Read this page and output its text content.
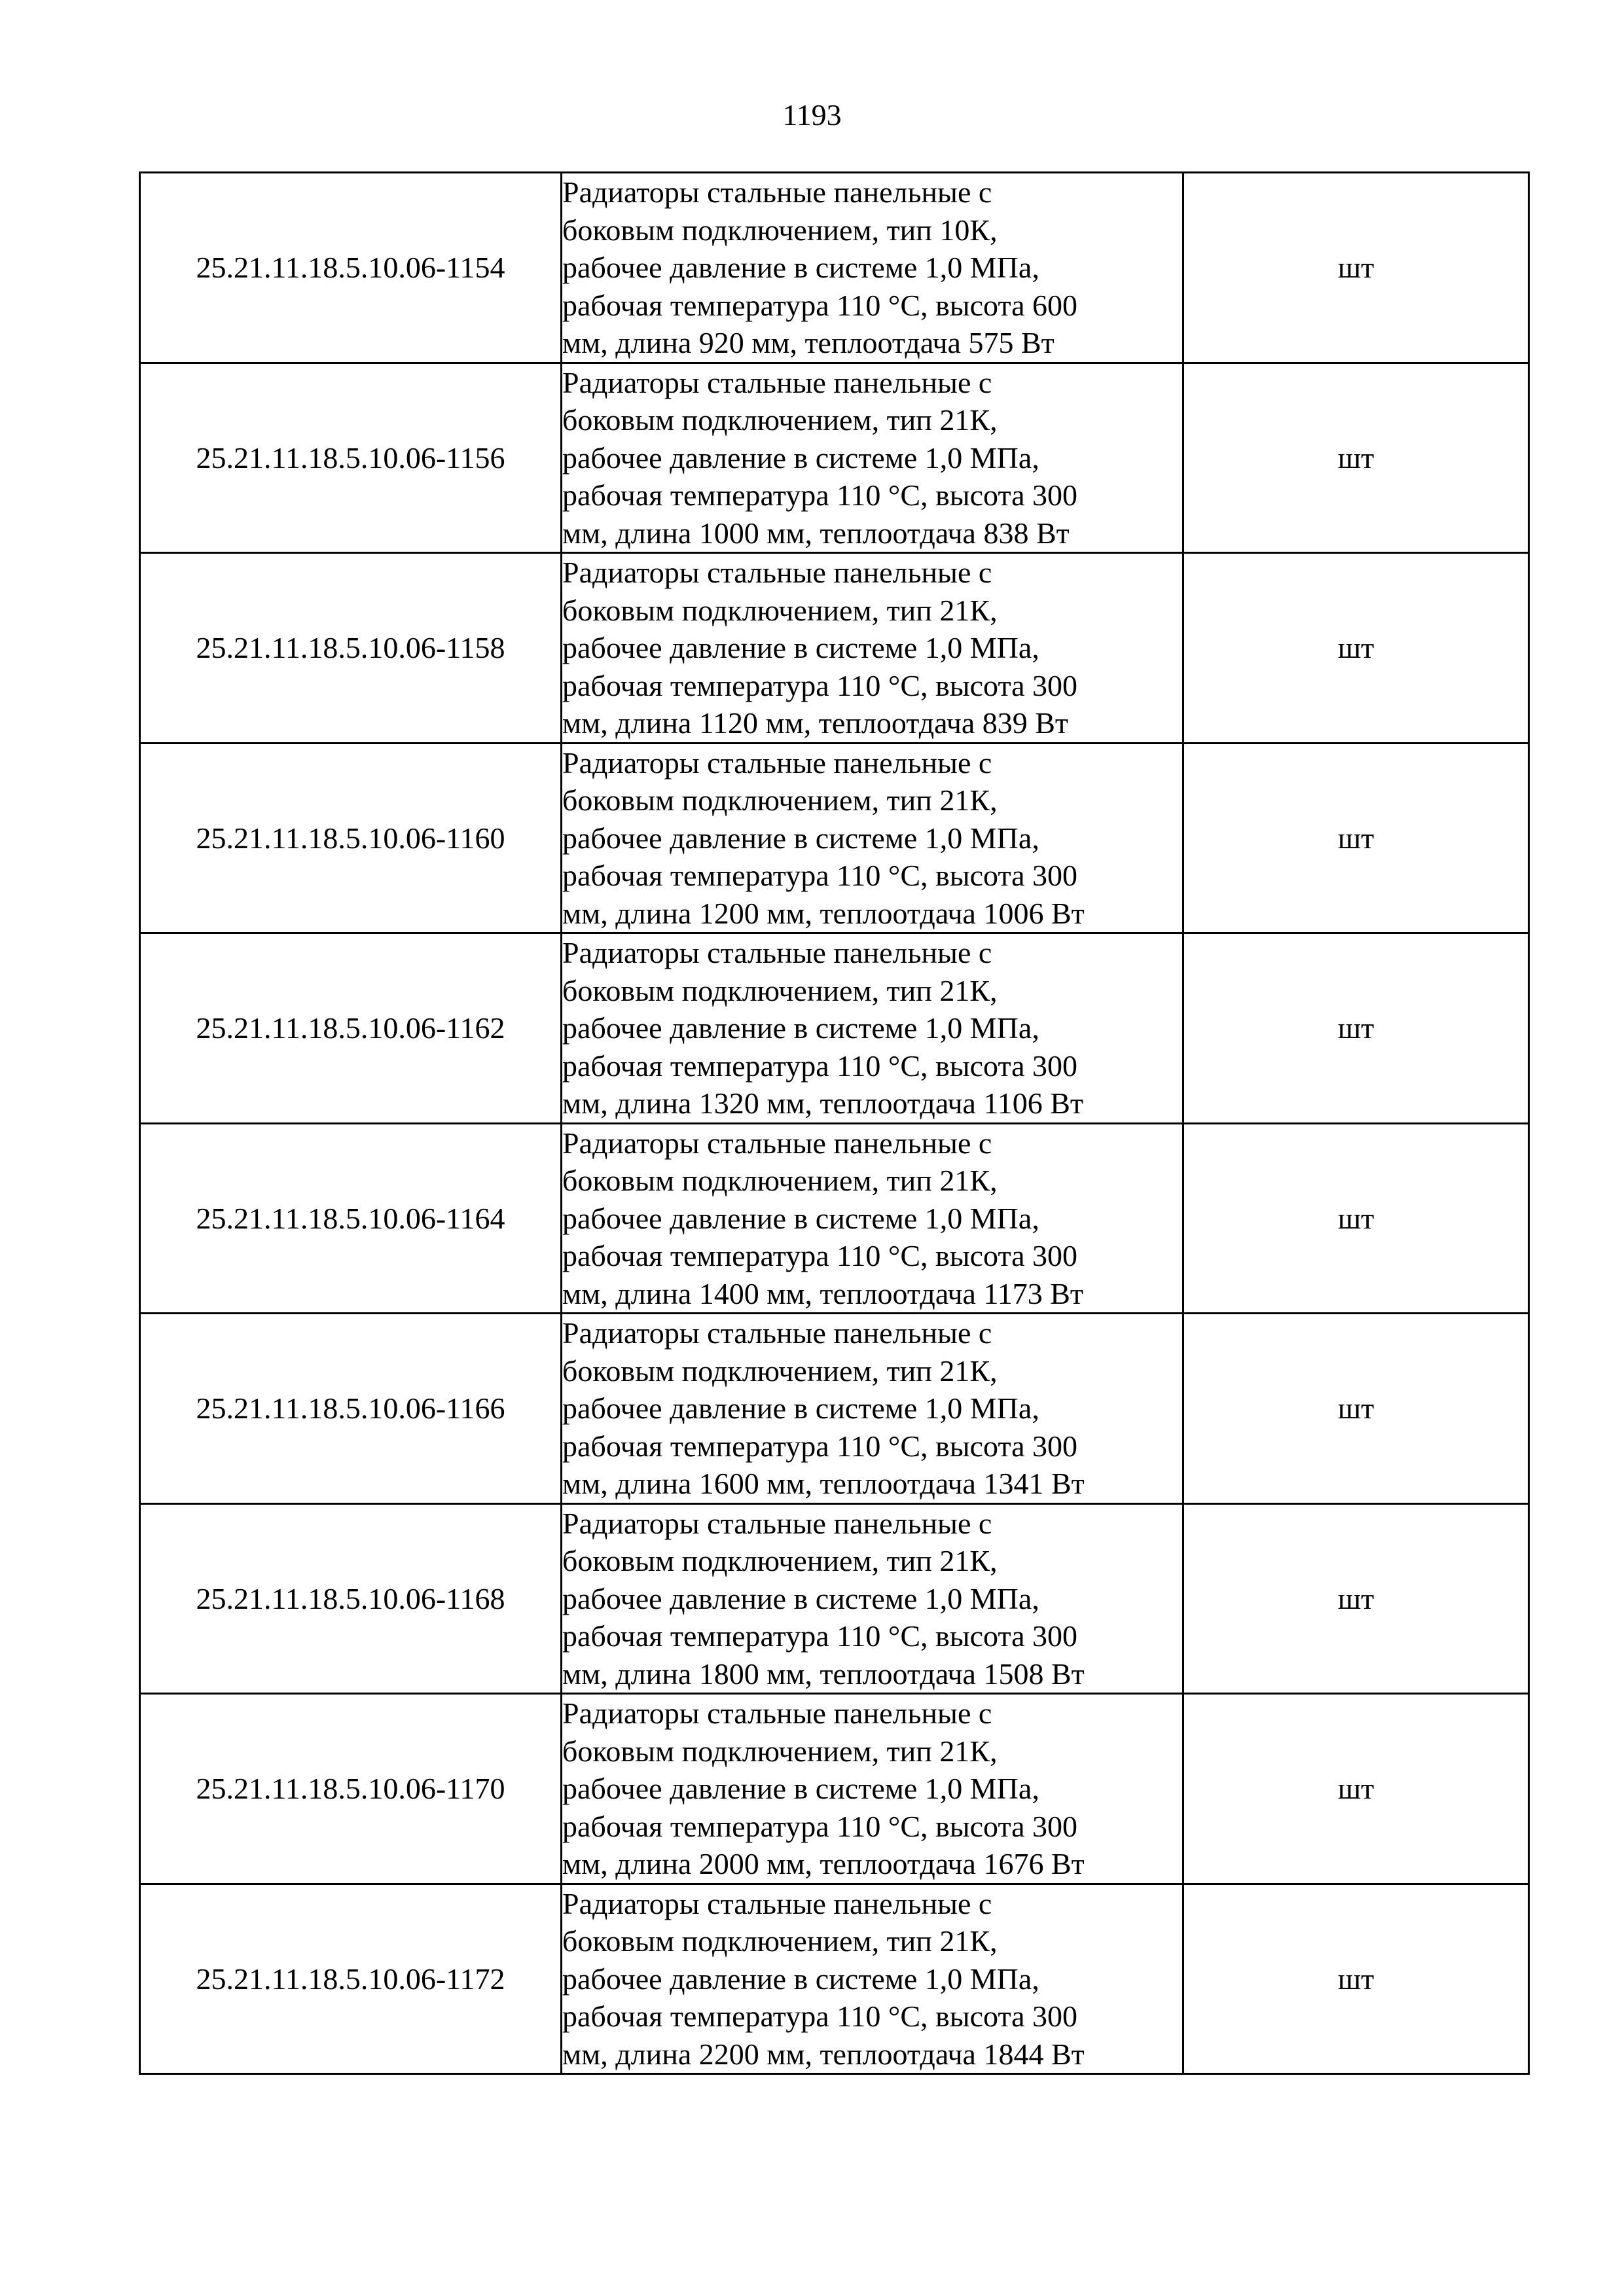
1193
25.21.11.18.5.10.06-1154	Радиаторы стальные панельные с
боковым подключением, тип 10К,
рабочее давление в системе 1,0 МПа,
рабочая температура 110 °С, высота 600
мм, длина 920 мм, теплоотдача 575 Вт	шт
25.21.11.18.5.10.06-1156	Радиаторы стальные панельные с
боковым подключением, тип 21К,
рабочее давление в системе 1,0 МПа,
рабочая температура 110 °С, высота 300
мм, длина 1000 мм, теплоотдача 838 Вт	шт
25.21.11.18.5.10.06-1158	Радиаторы стальные панельные с
боковым подключением, тип 21К,
рабочее давление в системе 1,0 МПа,
рабочая температура 110 °С, высота 300
мм, длина 1120 мм, теплоотдача 839 Вт	шт
25.21.11.18.5.10.06-1160	Радиаторы стальные панельные с
боковым подключением, тип 21К,
рабочее давление в системе 1,0 МПа,
рабочая температура 110 °С, высота 300
мм, длина 1200 мм, теплоотдача 1006 Вт	шт
25.21.11.18.5.10.06-1162	Радиаторы стальные панельные с
боковым подключением, тип 21К,
рабочее давление в системе 1,0 МПа,
рабочая температура 110 °С, высота 300
мм, длина 1320 мм, теплоотдача 1106 Вт	шт
25.21.11.18.5.10.06-1164	Радиаторы стальные панельные с
боковым подключением, тип 21К,
рабочее давление в системе 1,0 МПа,
рабочая температура 110 °С, высота 300
мм, длина 1400 мм, теплоотдача 1173 Вт	шт
25.21.11.18.5.10.06-1166	Радиаторы стальные панельные с
боковым подключением, тип 21К,
рабочее давление в системе 1,0 МПа,
рабочая температура 110 °С, высота 300
мм, длина 1600 мм, теплоотдача 1341 Вт	шт
25.21.11.18.5.10.06-1168	Радиаторы стальные панельные с
боковым подключением, тип 21К,
рабочее давление в системе 1,0 МПа,
рабочая температура 110 °С, высота 300
мм, длина 1800 мм, теплоотдача 1508 Вт	шт
25.21.11.18.5.10.06-1170	Радиаторы стальные панельные с
боковым подключением, тип 21К,
рабочее давление в системе 1,0 МПа,
рабочая температура 110 °С, высота 300
мм, длина 2000 мм, теплоотдача 1676 Вт	шт
25.21.11.18.5.10.06-1172	Радиаторы стальные панельные с
боковым подключением, тип 21К,
рабочее давление в системе 1,0 МПа,
рабочая температура 110 °С, высота 300
мм, длина 2200 мм, теплоотдача 1844 Вт	шт
